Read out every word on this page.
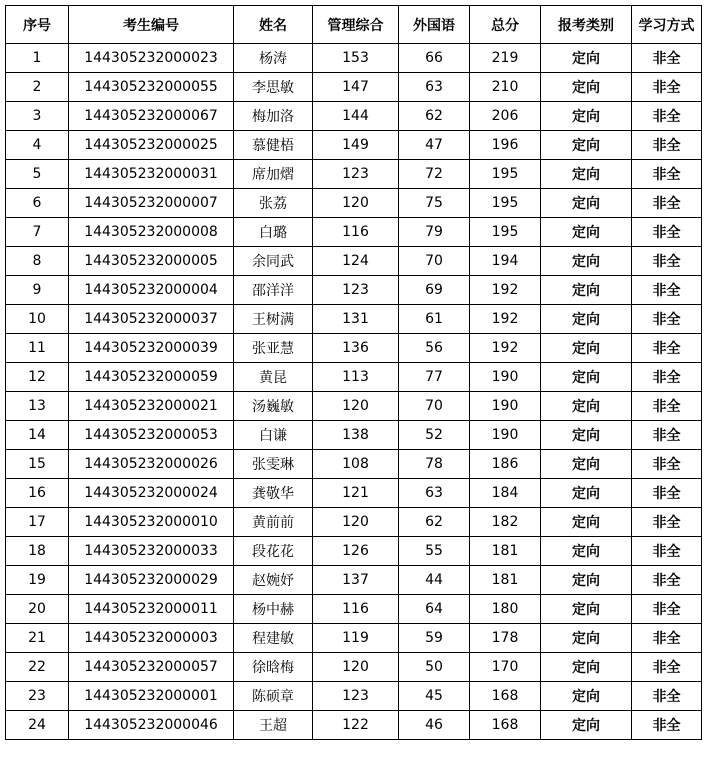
序号	考生编号	姓名	管理综合	外国语	总分	报考类别	学习方式
1	144305232000023	杨涛	153	66	219	定向	非全
2	144305232000055	李思敏	147	63	210	定向	非全
3	144305232000067	梅加洛	144	62	206	定向	非全
4	144305232000025	慕健梧	149	47	196	定向	非全
5	144305232000031	席加熠	123	72	195	定向	非全
6	144305232000007	张荔	120	75	195	定向	非全
7	144305232000008	白璐	116	79	195	定向	非全
8	144305232000005	余同武	124	70	194	定向	非全
9	144305232000004	邵洋洋	123	69	192	定向	非全
10	144305232000037	王树满	131	61	192	定向	非全
11	144305232000039	张亚慧	136	56	192	定向	非全
12	144305232000059	黄昆	113	77	190	定向	非全
13	144305232000021	汤巍敏	120	70	190	定向	非全
14	144305232000053	白谦	138	52	190	定向	非全
15	144305232000026	张雯琳	108	78	186	定向	非全
16	144305232000024	龚敬华	121	63	184	定向	非全
17	144305232000010	黄前前	120	62	182	定向	非全
18	144305232000033	段花花	126	55	181	定向	非全
19	144305232000029	赵婉妤	137	44	181	定向	非全
20	144305232000011	杨中赫	116	64	180	定向	非全
21	144305232000003	程建敏	119	59	178	定向	非全
22	144305232000057	徐晗梅	120	50	170	定向	非全
23	144305232000001	陈硕章	123	45	168	定向	非全
24	144305232000046	王超	122	46	168	定向	非全
